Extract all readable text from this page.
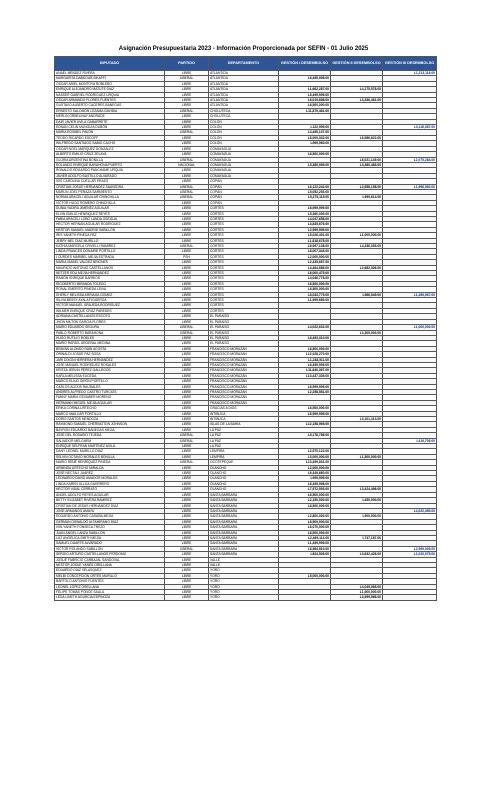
Asignación Presupuestaria 2023 - Información Proporcionada por SEFIN - 01 Julio 2025
DIPUTADO	PARTIDO	DEPARTAMENTO	GESTIÓN I DESEMBOLSO	GESTIÓN II DESEMBOLSO	GESTIÓN III DESEMBOLSO
ANAEL MÉNDEZ RIVERA	LIBRE	ATLÁNTIDA			L1,213,116.00
MARGARITA DABDOUB SIKAFFI	LIBERAL	ATLÁNTIDA	L6,499,998.00		
OSCAR ARIEL MONTOYA ROBLERO	LIBRE	ATLÁNTIDA			
ENRIQUE ALEJANDRO MATUTE DIAZ	LIBRE	ATLÁNTIDA	L1,662,287.00	L4,175,578.00	
NASSER GABRIEL RODRIGUEZ URQUIA	LIBRE	ATLÁNTIDA	L6,499,999.00		
OSCAR ARMANDO FLORES FUENTES	LIBRE	ATLÁNTIDA	L6,019,698.00	L3,336,461.00	
GUSTAVO ALBERTO CACERES BANEGAS	LIBRE	ATLÁNTIDA	L6,500,000.00		
ERNESTO SALOMÓN LEZAMA GAVIDIA	LIBERAL	CHOLUTECA	L11,879,461.00		
MERLIN ORBELINAY ANDRADE	LIBRE	CHOLUTECA			
DAIR JAVIER ÁVILA GABARRETE	LIBRE	COLÓN			
EDNAN CELIN MUNGUIA DUBÓN	LIBRE	COLÓN	L122,999.00		L3,116,387.00
MARIA ROSIBEL PAVÓN	LIBERAL	COLÓN	L3,499,107.00		
TEODO RICARDO ESCOFF	LIBRE	COLÓN	L6,000,332.00	L6,586,622.00	
WILFREDO SANTIAGO SABIO CACHO	LIBRE	COLÓN	L999,060.00		
OSCAR NOEL MARQUEZ GONZALEZ	LIBRE	COMAYAGUA			
ALBERTO EMILIO CRUZ ZELAYA	LIBRE	COMAYAGUA	L6,500,000.00		
GLORIA ARGENTINA BONILLA	LIBERAL	COMAYAGUA		L6,021,149.00	L2,075,284.00
ROLANDO ENRIQUE BARAHONA PUERTO	NACIONAL	COMAYAGUA	L5,389,999.00	L3,380,483.00	
RONALDO EDGARDO PANCHAME URQUIA	LIBRE	COMAYAGUA			
JAVIER ADOLFO BUSTILLO ALVARADO	LIBRE	COMAYAGUA			
ISIS CAROLINA CUELLAR ERAZO	LIBRE	COPÁN			
CRISTIAN JOSUÉ HERNÁNDEZ SAAVEDRA	LIBERAL	COPÁN	L6,122,242.00	L2,658,158.00	L1,996,560.00
MARLIN JOEL PERAZA SARMIENTO	LIBERAL	COPÁN	L5,052,253.00		
NORMA ARACELI ÁGUILAR CHINCHILLA	LIBERAL	COPÁN	L5,275,115.00	L999,614.00	
VÍCTOR HUGO ROMERO CHINCHILLA	LIBRE	COPÁN			
DUNIA YADIRA JIMÉNEZ AGUILAR	LIBRE	CORTÉS	L6,999,999.00		
ELVIN EMILIO HENRIQUEZ REYES	LIBRE	CORTÉS	L5,360,000.00		
FABIA ARACELI LOBO LANDA OSEGUA	LIBRE	CORTÉS	L4,047,658.00		
HÉCTOR HERNÁN AGUILAR RODRÍGUEZ	LIBRE	CORTÉS	L3,835,676.00		
HÉRTOR SAMUEL MADRID SABILLÓN	LIBRE	CORTÉS	L2,999,999.00		
IRIS YANETH PINEDA PAZ	LIBRE	CORTÉS	L5,026,491.00	L1,000,000.00	
JERRY MEL DÍAZ MURILLO	LIBRE	CORTÉS	L1,818,678.00		
KATHIA MARCELA CRIVELLI RAMÍREZ	LIBERAL	CORTÉS	L6,997,138.00	L4,336,353.00	
LINDA FRANCES DONAIRE PORTILLO	LIBRE	CORTÉS	L6,007,343.00		
LOURDES MARIBEL MEJIA ESTRADA	PSH	CORTÉS	L2,000,000.00		
MARIA ISABEL VALDEZ BRIONES	LIBRE	CORTÉS	L2,435,667.00		
MAURICIO ANTONIO CASTELLANOS	LIBRE	CORTÉS	L4,464,686.00	L2,682,306.00	
NETZER EDU MEJÍA HERNÁNDEZ	LIBRE	CORTÉS	L6,000,475.00		
RAMÓN ENRIQUE BARRIOS	LIBRE	CORTÉS	L4,046,778.00		
RIGOBERTO MIRANDA TOLEDO	LIBRE	CORTÉS	L6,500,000.00		
RONAL EMERITO PINEDA LEIVA	LIBRE	CORTÉS	L6,500,000.00		
SHERLY MELISSA ARRIAGA GÓMEZ	LIBRE	CORTÉS	L6,033,779.00	L966,549.00	L1,496,967.00
SILVIA BESSY AYALA FIGUEROA	LIBRE	CORTÉS	L1,999,680.00		
VÍCTOR MANUEL GRAJEDA RODRÍGUEZ	LIBRE	CORTÉS			
WILMER ENRIQUE CRUZ PAREDES	LIBRE	CORTÉS			
ADRIANA CASTELLANOS ESCOTO	LIBRE	EL PARAÍSO			
JHON MILTON GARCÍA FLORES	LIBRE	EL PARAÍSO			
MARIO EDUARDO SEGURA	LIBERAL	EL PARAÍSO	L4,022,632.00		L1,000,000.00
PABLO ROBERTO BARAHONA	LIBERAL	EL PARAÍSO		L3,305,000.00	
HUGO RUTILIO ROBLES	LIBRE	EL PARAÍSO	L6,493,310.00		
MARIO RAFAEL ARGEÑAL MEDINA	LIBRE	EL PARAÍSO			
BRAYAN ALONSO RUBÍ ACOSTA	LIBRE	FRANCISCO MORAZÁN	L6,500,000.00		
ORINALDI JOSUÉ PAZ SOSA	LIBRE	FRANCISCO MORAZÁN	L12,028,270.00		
JARI DIXON HERRERA HERNÁNDEZ	LIBRE	FRANCISCO MORAZÁN	L1,248,511.00		
JOSÉ MANUEL RODRÍGUEZ ROSALES	LIBRE	FRANCISCO MORAZÁN	L6,499,999.00		
KRITZA JERLIN PEREZ GALLEGOS	LIBRE	FRANCISCO MORAZÁN	L11,640,367.00		
KARLA MELISSA EUCEDA	LIBRE	FRANCISCO MORAZÁN	L13,437,339.00		
MARCO ELIUD GIRÓN PORTILLO	LIBRE	FRANCISCO MORAZÁN			
CARLOS ALEXIS RAUDALES	LIBRE	FRANCISCO MORAZÁN	L6,999,999.00		
ANDRÉS ALFREDO CASTRO TURCIOS	LIBRE	FRANCISCO MORAZÁN	L2,258,581.00		
FANNY MARIA GEVAWER MORENO	LIBRE	FRANCISCO MORAZÁN			
HERMANN MIGUEL MEJÍA AGUILAR	LIBRE	FRANCISCO MORAZÁN			
ERIKA CORINA URTECHO	LIBRE	GRACIAS A DIOS	L6,500,000.00		
MARCO MAILCAR PORTILLO	LIBRE	INTIBUCÁ	L6,999,999.00		
DORIS SANTOS MENDOZA	LIBRE	INTIBUCÁ		L3,101,413.00	
RAYMOND SAMUEL CHERINGTON JOHNSON	LIBRE	ISLAS DE LA BAHÍA	L12,158,969.00		
BAYRON EDUARDO BANEGAS MEJÍA	LIBRE	LA PAZ			
JOSÉ DEL ROSARIO TEJEDA	LIBERAL	LA PAZ	L5,178,786.00		
SALVADOR MELGHEM	LIBERAL	LA PAZ			L419,705.00
ENRIQUE SELFRAN MARTÍNEZ ÁVILA	LIBRE	LA PAZ			
DANY LEONEL MURILLO DÍAZ	LIBRE	LEMPIRA	L2,570,122.00		
SELVIN OCTAVIO MORALES BONILLA	LIBRE	LEMPIRA	L3,000,000.00	L1,500,000.00	
MARIO RENÉ HENRÍQUEZ PINEDA	LIBERAL	OCOTEPEQUE	L13,499,831.00		
ARMINDA URTECHO MIRALDA	LIBRE	OLANCHO	L2,000,000.00		
JOSÉ NECTALÍ JUÁREZ	LIBRE	OLANCHO	L6,449,660.00		
LEONARDO DAVID AMADOR MORALES	LIBRE	OLANCHO	L999,999.00		
LINDA KAREN ULLOA GUERRERO	LIBRE	OLANCHO	L6,499,998.00		
HÉCTOR VIDAL CERRATO	LIBRE	OLANCHO	L7,972,593.00	L3,424,496.00	
ÁNGEL ADOLFO REYES AGUILAR	LIBRE	SANTA BÁRBARA	L6,500,000.00		
BETTY ELIZABET RIVERA RAMÍREZ	LIBRE	SANTA BÁRBARA	L2,150,000.00	L450,000.00	
CRISTIAN DE JESÚS HERNÁNDEZ DÍAZ	LIBRE	SANTA BÁRBARA	L6,500,000.00		
JOSÉ ARMANDO AMAYA	LIBRE	SANTA BÁRBARA			L4,022,450.00
EDGARDO ANTONIO CASAÑA MEJÍA	LIBRE	SANTA BÁRBARA	L2,800,000.00	L900,000.00	
GERMAN OSWALDO ALTAMIRANO DÍAZ	LIBRE	SANTA BÁRBARA	L6,500,000.00		
IVIN YANETH FONSECA TREJO	LIBRE	SANTA BÁRBARA	L6,070,000.00		
JUAN ÁNGEL LANZA SABILLÓN	LIBRE	SANTA BÁRBARA	L6,500,000.00		
LUZ ANGÉLICA SMITH MEJÍA	LIBRE	SANTA BÁRBARA	L2,469,114.00	L747,187.00	
SAMUEL DUARTE ALVARADO	LIBRE	SANTA BÁRBARA	L1,499,999.00		
VÍCTOR ROLANDO SABILLÓN	LIBERAL	SANTA BÁRBARA	L6,984,510.00		L2,999,005.00
SERGIO ARTURO CASTELLANOS PERDOMO	LIBRE	SANTA BÁRBARA	L824,526.00	L3,632,426.00	L1,020,075.00
JOSUÉ FABRICIO CARBAJAL SANDOVAL	LIBRE	VALLE			
NESTOR JOSUE YANES ORELLANA	LIBRE	VALLE			
EDUARDO DIAZ VELASQUEZ	LIBRE	YORO			
MELBI CONCEPCIÓN ORTÉS MURILLO	LIBRE	YORO	L5,000,000.00		
BARTOLO ANTONIO FUENTES	LIBRE	YORO			
LEONEL LÓPEZ ORELLANA	LIBRE	YORO		L4,049,065.00	
FELIPE TOMÁS PONCE SAULA	LIBRE	YORO		L1,500,000.00	
LEDA LINETH AGURCIA ESPINOZA	LIBRE	YORO		L3,999,966.00	
